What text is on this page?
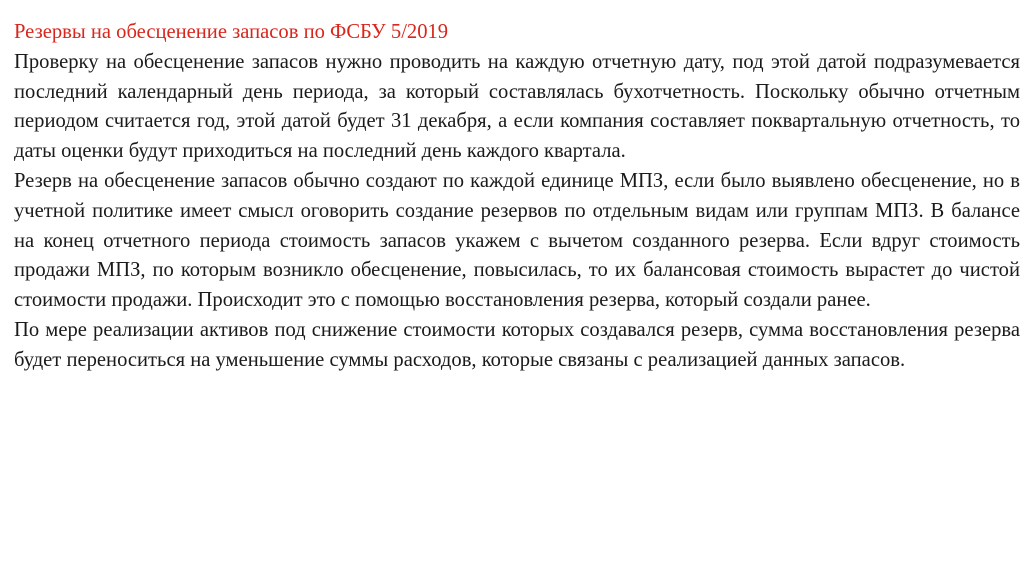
Резервы на обесценение запасов по ФСБУ 5/2019

Проверку на обесценение запасов нужно проводить на каждую отчетную дату, под этой датой подразумевается последний календарный день периода, за который составлялась бухотчетность. Поскольку обычно отчетным периодом считается год, этой датой будет 31 декабря, а если компания составляет поквартальную отчетность, то даты оценки будут приходиться на последний день каждого квартала.

Резерв на обесценение запасов обычно создают по каждой единице МПЗ, если было выявлено обесценение, но в учетной политике имеет смысл оговорить создание резервов по отдельным видам или группам МПЗ. В балансе на конец отчетного периода стоимость запасов укажем с вычетом созданного резерва. Если вдруг стоимость продажи МПЗ, по которым возникло обесценение, повысилась, то их балансовая стоимость вырастет до чистой стоимости продажи. Происходит это с помощью восстановления резерва, который создали ранее.

По мере реализации активов под снижение стоимости которых создавался резерв, сумма восстановления резерва будет переноситься на уменьшение суммы расходов, которые связаны с реализацией данных запасов.
